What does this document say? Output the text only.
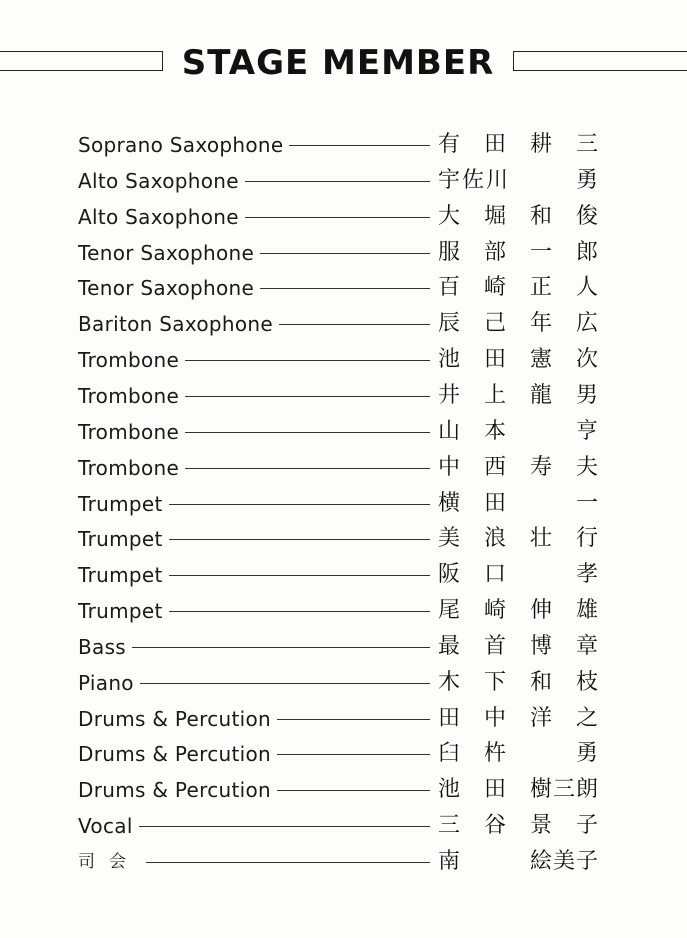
STAGE MEMBER
Soprano Saxophone	有 田 耕 三
Alto Saxophone	宇 佐 川	勇
Alto Saxophone	大 堀 和 俊
Tenor Saxophone	服 部 一 郎
Tenor Saxophone	百 崎 正 人
Bariton Saxophone	辰 己 年 広
Trombone	池 田 憲 次
Trombone	井 上 龍 男
Trombone	山 本	亨
Trombone	中 西 寿 夫
Trumpet	横 田	一
Trumpet	美 浪 壮 行
Trumpet	阪 口	孝
Trumpet	尾 崎 伸 雄
Bass	最 首 博 章
Piano	木 下 和 枝
Drums & Percution	田 中 洋 之
Drums & Percution	臼 杵	勇
Drums & Percution	池 田 樹 三 朗
Vocal	三 谷 景 子
司会	南	絵 美 子
